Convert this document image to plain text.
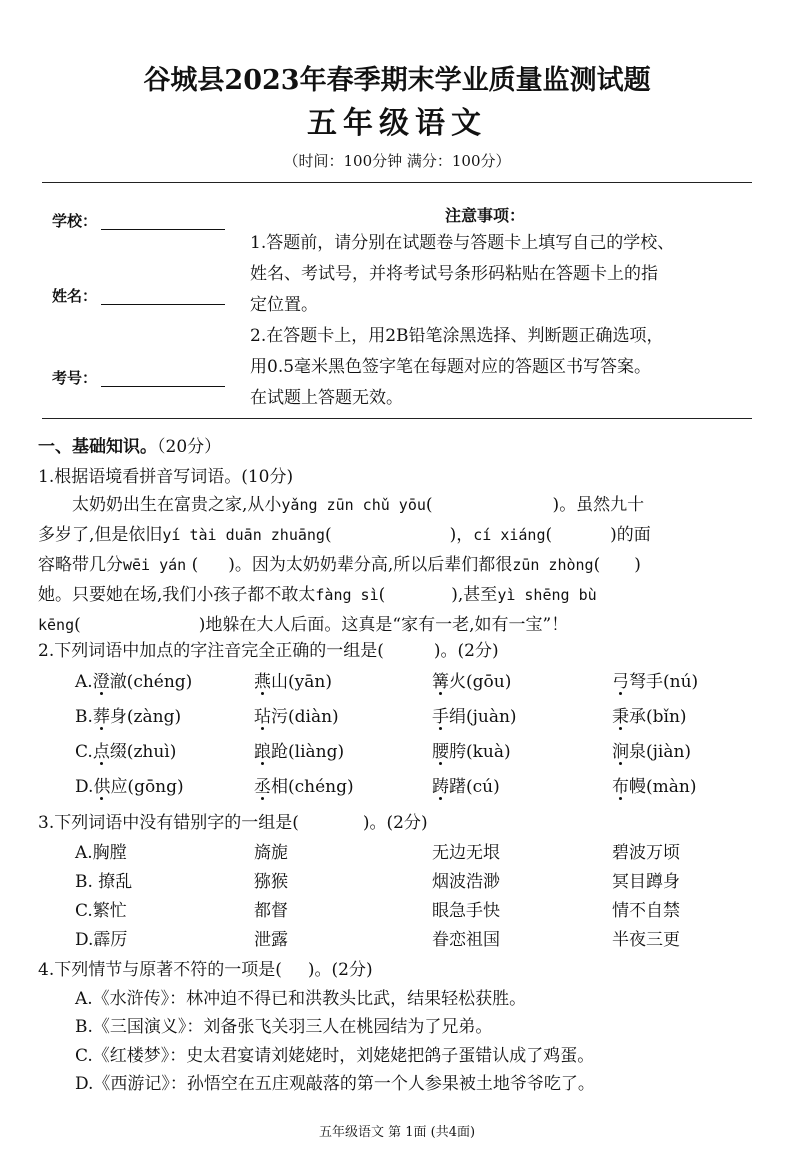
谷城县2023年春季期末学业质量监测试题
五年级语文
（时间：100分钟 满分：100分）
学校：
姓名：
考号：
注意事项：

1.答题前，请分别在试题卷与答题卡上填写自己的学校、

姓名、考试号，并将考试号条形码粘贴在答题卡上的指

定位置。

2.在答题卡上，用2B铅笔涂黑选择、判断题正确选项，

用0.5毫米黑色签字笔在每题对应的答题区书写答案。

在试题上答题无效。

一、基础知识。（20分）
1.根据语境看拼音写词语。(10分)

太奶奶出生在富贵之家,从小yǎng zūn chǔ yōu(	)。虽然九十

多岁了,但是依旧yí tài duān zhuāng(	)，cí xiáng(	)的面

容略带几分wēi yán ( )。因为太奶奶辈分高,所以后辈们都很zūn zhòng( )

她。只要她在场,我们小孩子都不敢太fàng sì(	),甚至yì shēng bù

kēng(	)地躲在大人后面。这真是“家有一老,如有一宝”！

2.下列词语中加点的字注音完全正确的一组是(	)。(2分)
A.澄澈(chéng)	燕山(yān)	篝火(gōu)	弓弩手(nú)
B.葬身(zàng)	玷污(diàn)	手绢(juàn)	秉承(bǐn)
C.点缀(zhuì)	踉跄(liàng)	腰胯(kuà)	涧泉(jiàn)
D.供应(gōng)	丞相(chéng)	踌躇(cú)	布幔(màn)
3.下列词语中没有错别字的一组是(	)。(2分)
A.胸膛	旖旎	无边无垠	碧波万顷
B. 撩乱	猕猴	烟波浩渺	冥目蹲身
C.繁忙	都督	眼急手快	情不自禁
D.霹厉	泄露	眷恋祖国	半夜三更
4.下列情节与原著不符的一项是( )。(2分)
A.《水浒传》：林冲迫不得已和洪教头比武，结果轻松获胜。
B.《三国演义》：刘备张飞关羽三人在桃园结为了兄弟。
C.《红楼梦》：史太君宴请刘姥姥时，刘姥姥把鸽子蛋错认成了鸡蛋。
D.《西游记》：孙悟空在五庄观敲落的第一个人参果被土地爷爷吃了。
五年级语文 第 1面 (共4面)
